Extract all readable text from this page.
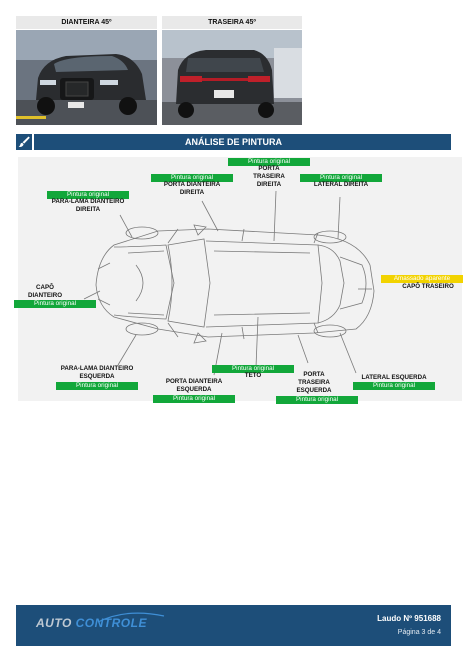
DIANTEIRA 45º	TRASEIRA 45º
ANÁLISE DE PINTURA
Pintura original
PARA-LAMA DIANTEIRO
DIREITA
Pintura original
PORTA DIANTEIRA
DIREITA
Pintura original
PORTA
TRASEIRA
DIREITA
Pintura original
LATERAL DIREITA
Amassado aparente
CAPÔ TRASEIRO
CAPÔ
DIANTEIRO
Pintura original
PARA-LAMA DIANTEIRO
ESQUERDA
Pintura original
PORTA DIANTEIRA
ESQUERDA
Pintura original
Pintura original
TETO	PORTA
TRASEIRA
ESQUERDA
Pintura original
LATERAL ESQUERDA
Pintura original
AUTO CONTROLE	Laudo Nº 951688
Página 3 de 4
